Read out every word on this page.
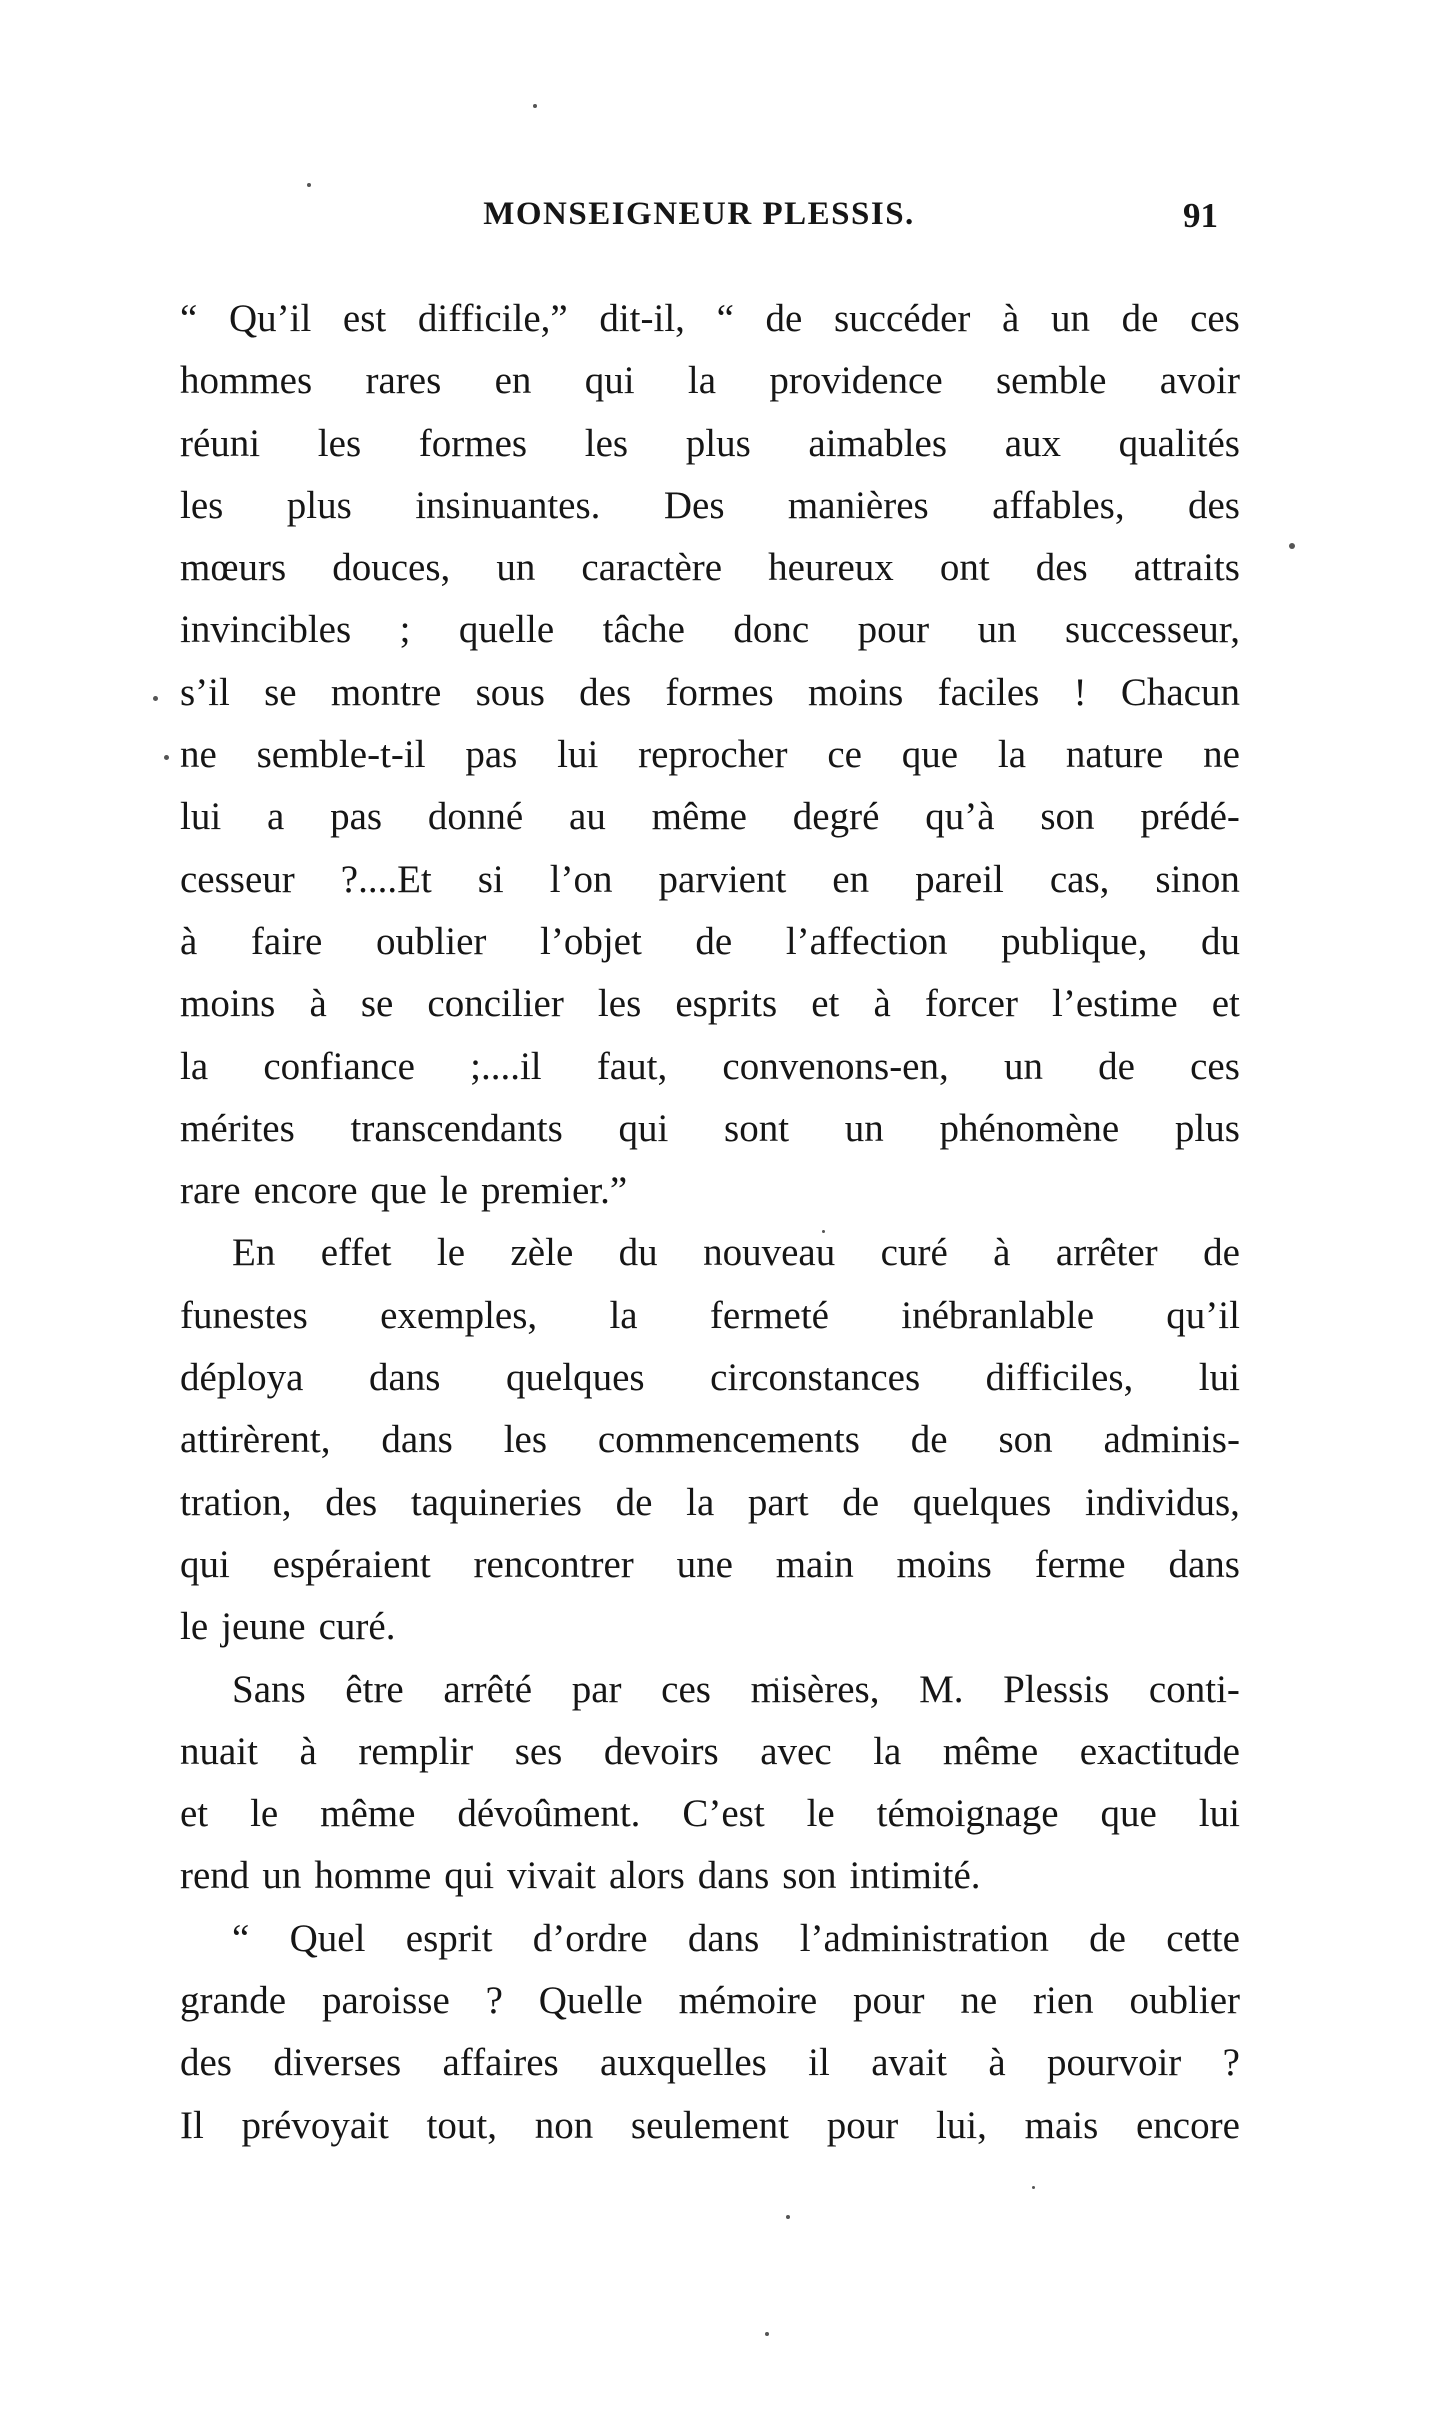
MONSEIGNEUR PLESSIS.	91
“ Qu’il est difficile,” dit-il, “ de succéder à un de ces
hommes rares en qui la providence semble avoir
réuni les formes les plus aimables aux qualités
les plus insinuantes. Des manières affables, des
mœurs douces, un caractère heureux ont des attraits
invincibles ; quelle tâche donc pour un successeur,
s’il se montre sous des formes moins faciles ! Chacun
ne semble-t-il pas lui reprocher ce que la nature ne
lui a pas donné au même degré qu’à son prédé-
cesseur ?....Et si l’on parvient en pareil cas, sinon
à faire oublier l’objet de l’affection publique, du
moins à se concilier les esprits et à forcer l’estime et
la confiance ;....il faut, convenons-en, un de ces
mérites transcendants qui sont un phénomène plus
rare encore que le premier.”
En effet le zèle du nouveau curé à arrêter de
funestes exemples, la fermeté inébranlable qu’il
déploya dans quelques circonstances difficiles, lui
attirèrent, dans les commencements de son adminis-
tration, des taquineries de la part de quelques individus,
qui espéraient rencontrer une main moins ferme dans
le jeune curé.
Sans être arrêté par ces misères, M. Plessis conti-
nuait à remplir ses devoirs avec la même exactitude
et le même dévoûment. C’est le témoignage que lui
rend un homme qui vivait alors dans son intimité.
“ Quel esprit d’ordre dans l’administration de cette
grande paroisse ? Quelle mémoire pour ne rien oublier
des diverses affaires auxquelles il avait à pourvoir ?
Il prévoyait tout, non seulement pour lui, mais encore
